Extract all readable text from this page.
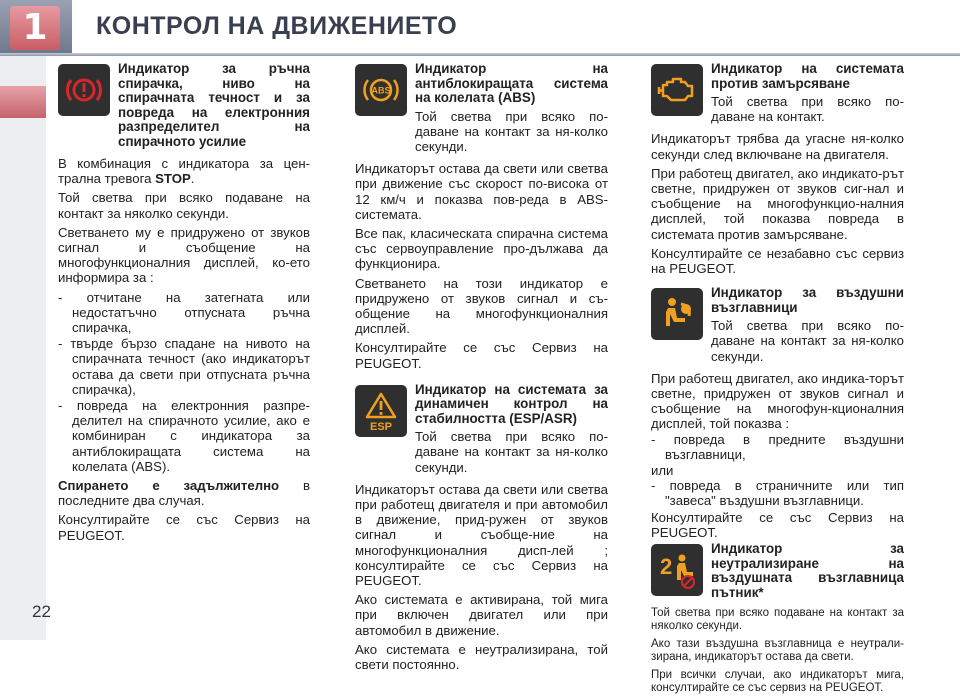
1	КОНТРОЛ НА ДВИЖЕНИЕТО
22
Индикатор за ръчна спирачка, ниво на спирачната течност и за повреда на електронния разпределител на спирачното усилие

В комбинация с индикатора за цен-трална тревога STOP.

Той светва при всяко подаване на контакт за няколко секунди.

Светването му е придружено от звуков сигнал и съобщение на многофункционалния дисплей, ко-ето информира за :

- отчитане на затегната или недостатъчно отпусната ръчна спирачка,
- твърде бързо спадане на нивото на спирачната течност (ако индикаторът остава да свети при отпусната ръчна спирачка),
- повреда на електронния разпре-делител на спирачното усилие, ако е комбиниран с индикатора за антиблокиращата система на колелата (ABS).

Спирането е задължително в последните два случая.

Консултирайте се със Сервиз на PEUGEOT.

ABS
Индикатор на антиблокиращата система на колелата (ABS)
Той светва при всяко по-даване на контакт за ня-колко секунди.

Индикаторът остава да свети или светва при движение със скорост по-висока от 12 км/ч и показва пов-реда в ABS-системата.

Все пак, класическата спирачна система със сервоуправление про-дължава да функционира.

Светването на този индикатор е придружено от звуков сигнал и съ-общение на многофункционалния дисплей.

Консултирайте се със Сервиз на PEUGEOT.

ESP
Индикатор на системата за динамичен контрол на стабилността (ESP/ASR)
Той светва при всяко по-даване на контакт за ня-колко секунди.

Индикаторът остава да свети или светва при работещ двигателя и при автомобил в движение, прид-ружен от звуков сигнал и съобще-ние на многофункционалния дисп-лей ; консултирайте се със Сервиз на PEUGEOT.

Ако системата е активирана, той мига при включен двигател или при автомобил в движение.

Ако системата е неутрализирана, той свети постоянно.

Индикатор на системата против замърсяване
Той светва при всяко по-даване на контакт.

Индикаторът трябва да угасне ня-колко секунди след включване на двигателя.

При работещ двигател, ако индикато-рът светне, придружен от звуков сиг-нал и съобщение на многофункцио-налния дисплей, той показва повреда в системата против замърсяване.

Консултирайте се незабавно със сервиз на PEUGEOT.

Индикатор за въздушни възглавници
Той светва при всяко по-даване на контакт за ня-колко секунди.

При работещ двигател, ако индика-торът светне, придружен от звуков сигнал и съобщение на многофун-кционалния дисплей, той показва :

- повреда в предните въздушни възглавници,
или
- повреда в страничните или тип "завеса" въздушни възглавници.

Консултирайте се със Сервиз на PEUGEOT.

2
Индикатор за неутрализиране на въздушната възглавница пътник*

Той светва при всяко подаване на контакт за няколко секунди.

Ако тази въздушна възглавница е неутрали-зирана, индикаторът остава да свети.

При всички случаи, ако индикаторът мига, консултирайте се със сервиз на PEUGEOT.
